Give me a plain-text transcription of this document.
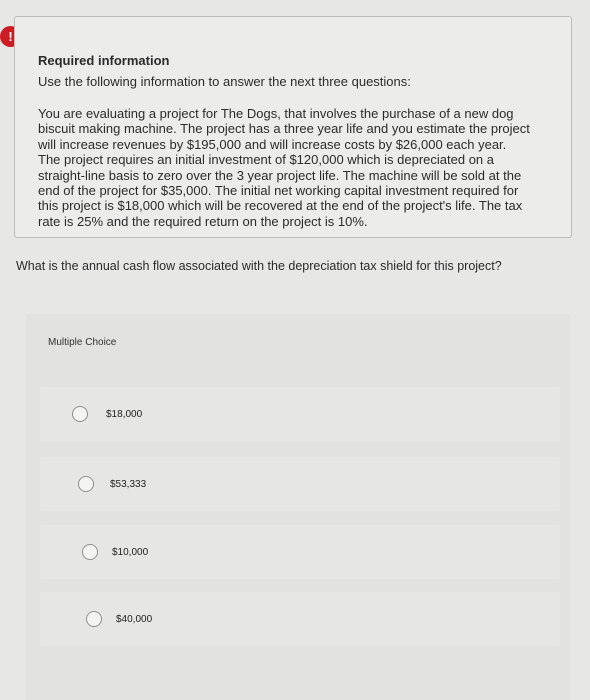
!

Required information

Use the following information to answer the next three questions:

You are evaluating a project for The Dogs, that involves the purchase of a new dog biscuit making machine. The project has a three year life and you estimate the project will increase revenues by $195,000 and will increase costs by $26,000 each year. The project requires an initial investment of $120,000 which is depreciated on a straight-line basis to zero over the 3 year project life. The machine will be sold at the end of the project for $35,000. The initial net working capital investment required for this project is $18,000 which will be recovered at the end of the project's life. The tax rate is 25% and the required return on the project is 10%.

What is the annual cash flow associated with the depreciation tax shield for this project?
Multiple Choice
$18,000
$53,333
$10,000
$40,000
